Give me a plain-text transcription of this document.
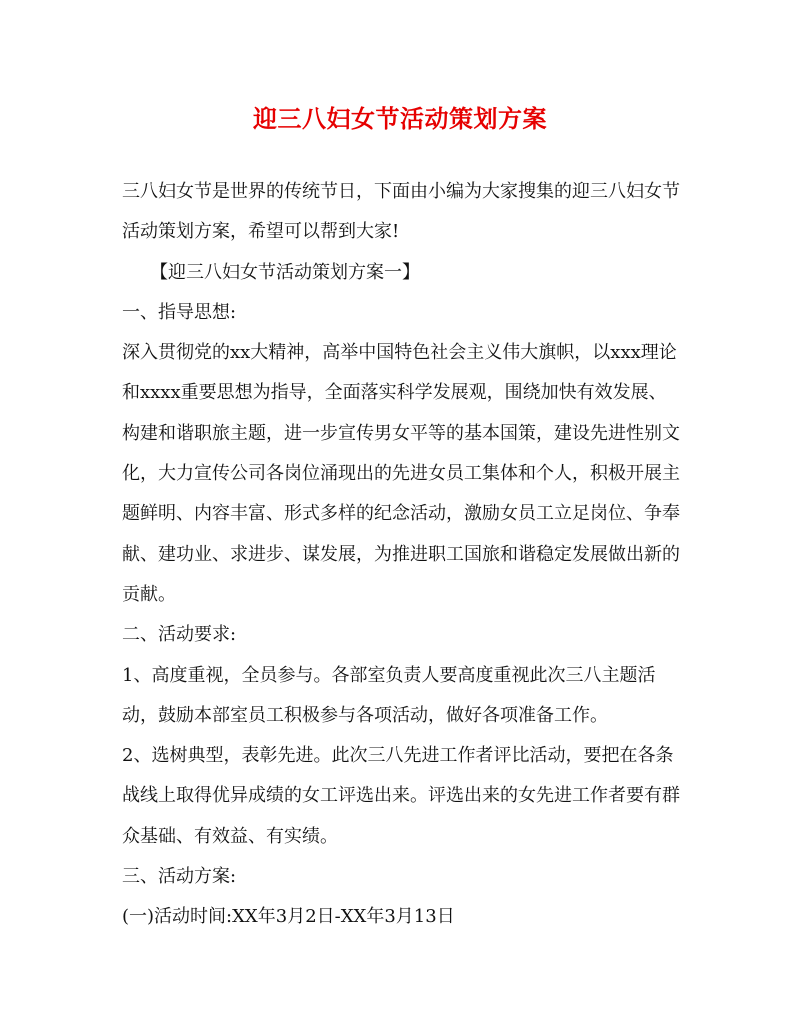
迎三八妇女节活动策划方案

三八妇女节是世界的传统节日，下面由小编为大家搜集的迎三八妇女节活动策划方案，希望可以帮到大家!

【迎三八妇女节活动策划方案一】

一、指导思想:

深入贯彻党的xx大精神，高举中国特色社会主义伟大旗帜，以xxx理论和xxxx重要思想为指导，全面落实科学发展观，围绕加快有效发展、构建和谐职旅主题，进一步宣传男女平等的基本国策，建设先进性别文化，大力宣传公司各岗位涌现出的先进女员工集体和个人，积极开展主题鲜明、内容丰富、形式多样的纪念活动，激励女员工立足岗位、争奉献、建功业、求进步、谋发展，为推进职工国旅和谐稳定发展做出新的贡献。

二、活动要求:

1、高度重视，全员参与。各部室负责人要高度重视此次三八主题活动，鼓励本部室员工积极参与各项活动，做好各项准备工作。

2、选树典型，表彰先进。此次三八先进工作者评比活动，要把在各条战线上取得优异成绩的女工评选出来。评选出来的女先进工作者要有群众基础、有效益、有实绩。

三、活动方案:

(一)活动时间:XX年3月2日-XX年3月13日
